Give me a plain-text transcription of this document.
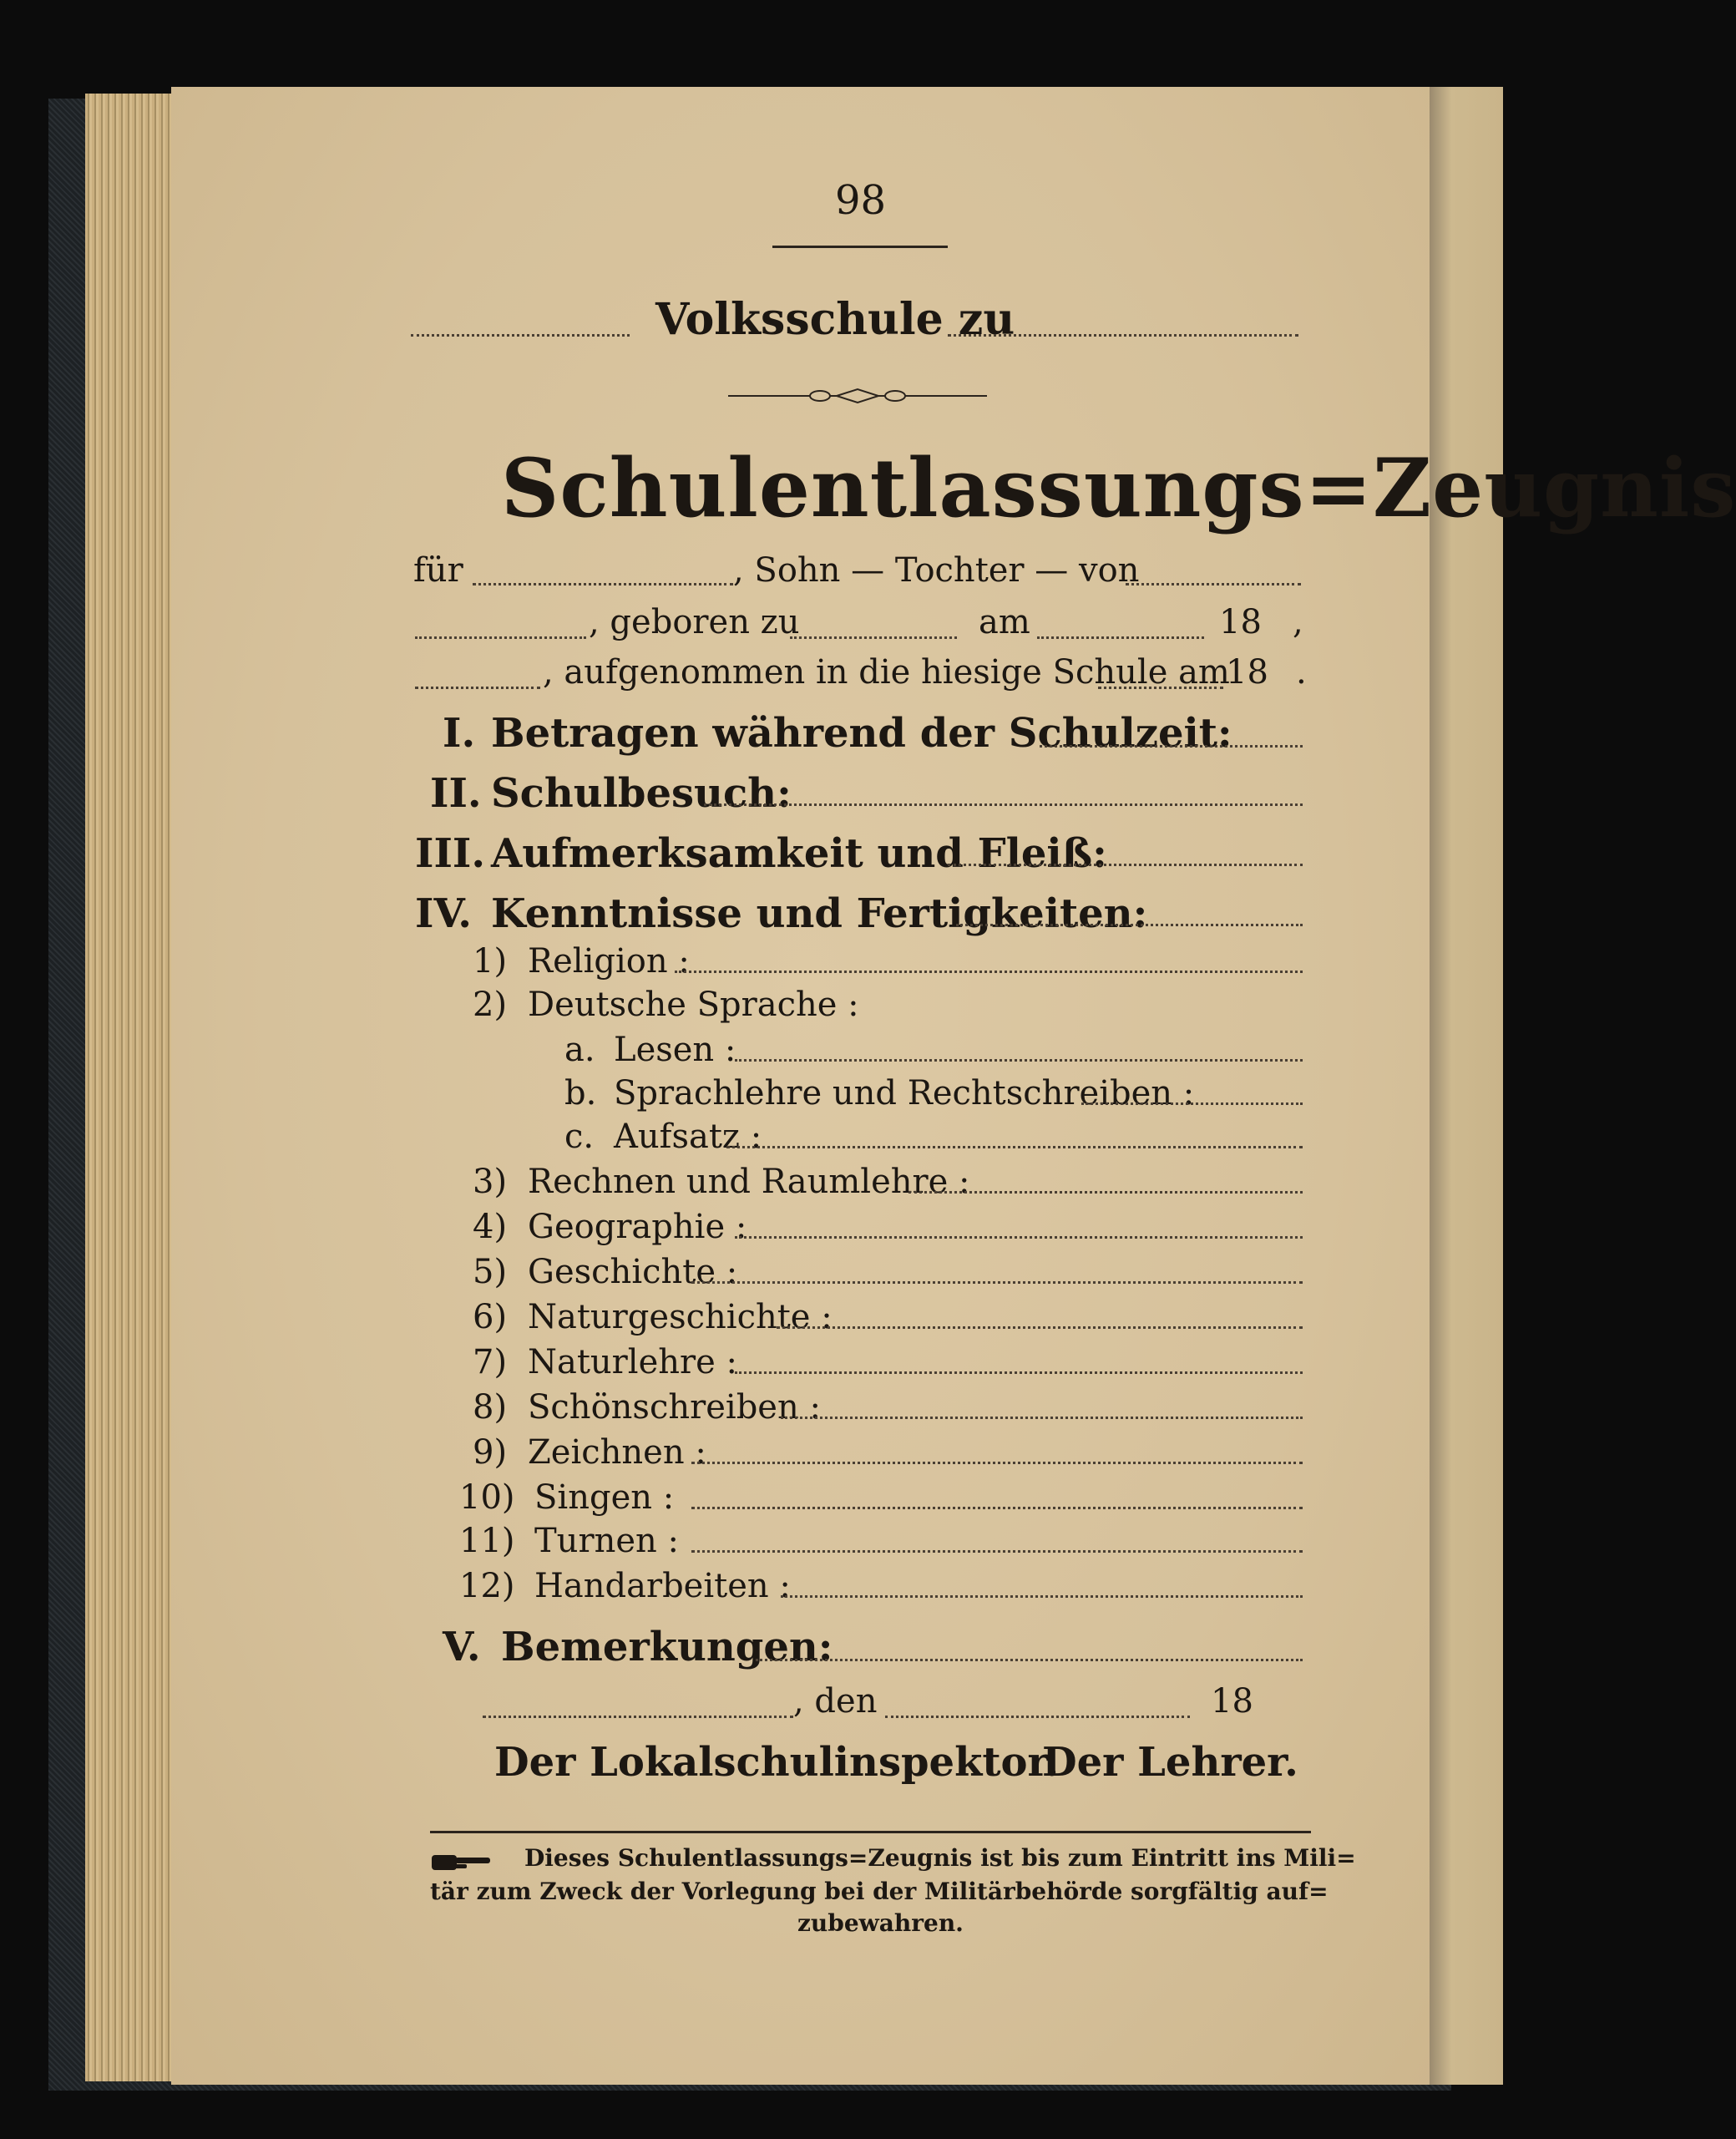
98
Volksschule zu
Schulentlassungs=Zeugnis
für	, Sohn — Tochter — von
, geboren zu	am	18 ,
, aufgenommen in die hiesige Schule am
18 .
I. Betragen während der Schulzeit:
II. Schulbesuch:
III. Aufmerksamkeit und Fleiß:
IV. Kenntnisse und Fertigkeiten:
1) Religion :
2) Deutsche Sprache :
a. Lesen :
b. Sprachlehre und Rechtschreiben :
c. Aufsatz :
3) Rechnen und Raumlehre :
4) Geographie :
5) Geschichte :
6) Naturgeschichte :
7) Naturlehre :
8) Schönschreiben :
9) Zeichnen :
10) Singen :
11) Turnen :
12) Handarbeiten :
V. Bemerkungen:
, den	18
Der Lokalschulinspektor.
Der Lehrer.
Dieses Schulentlassungs=Zeugnis ist bis zum Eintritt ins Mili=
tär zum Zweck der Vorlegung bei der Militärbehörde sorgfältig auf=
zubewahren.
